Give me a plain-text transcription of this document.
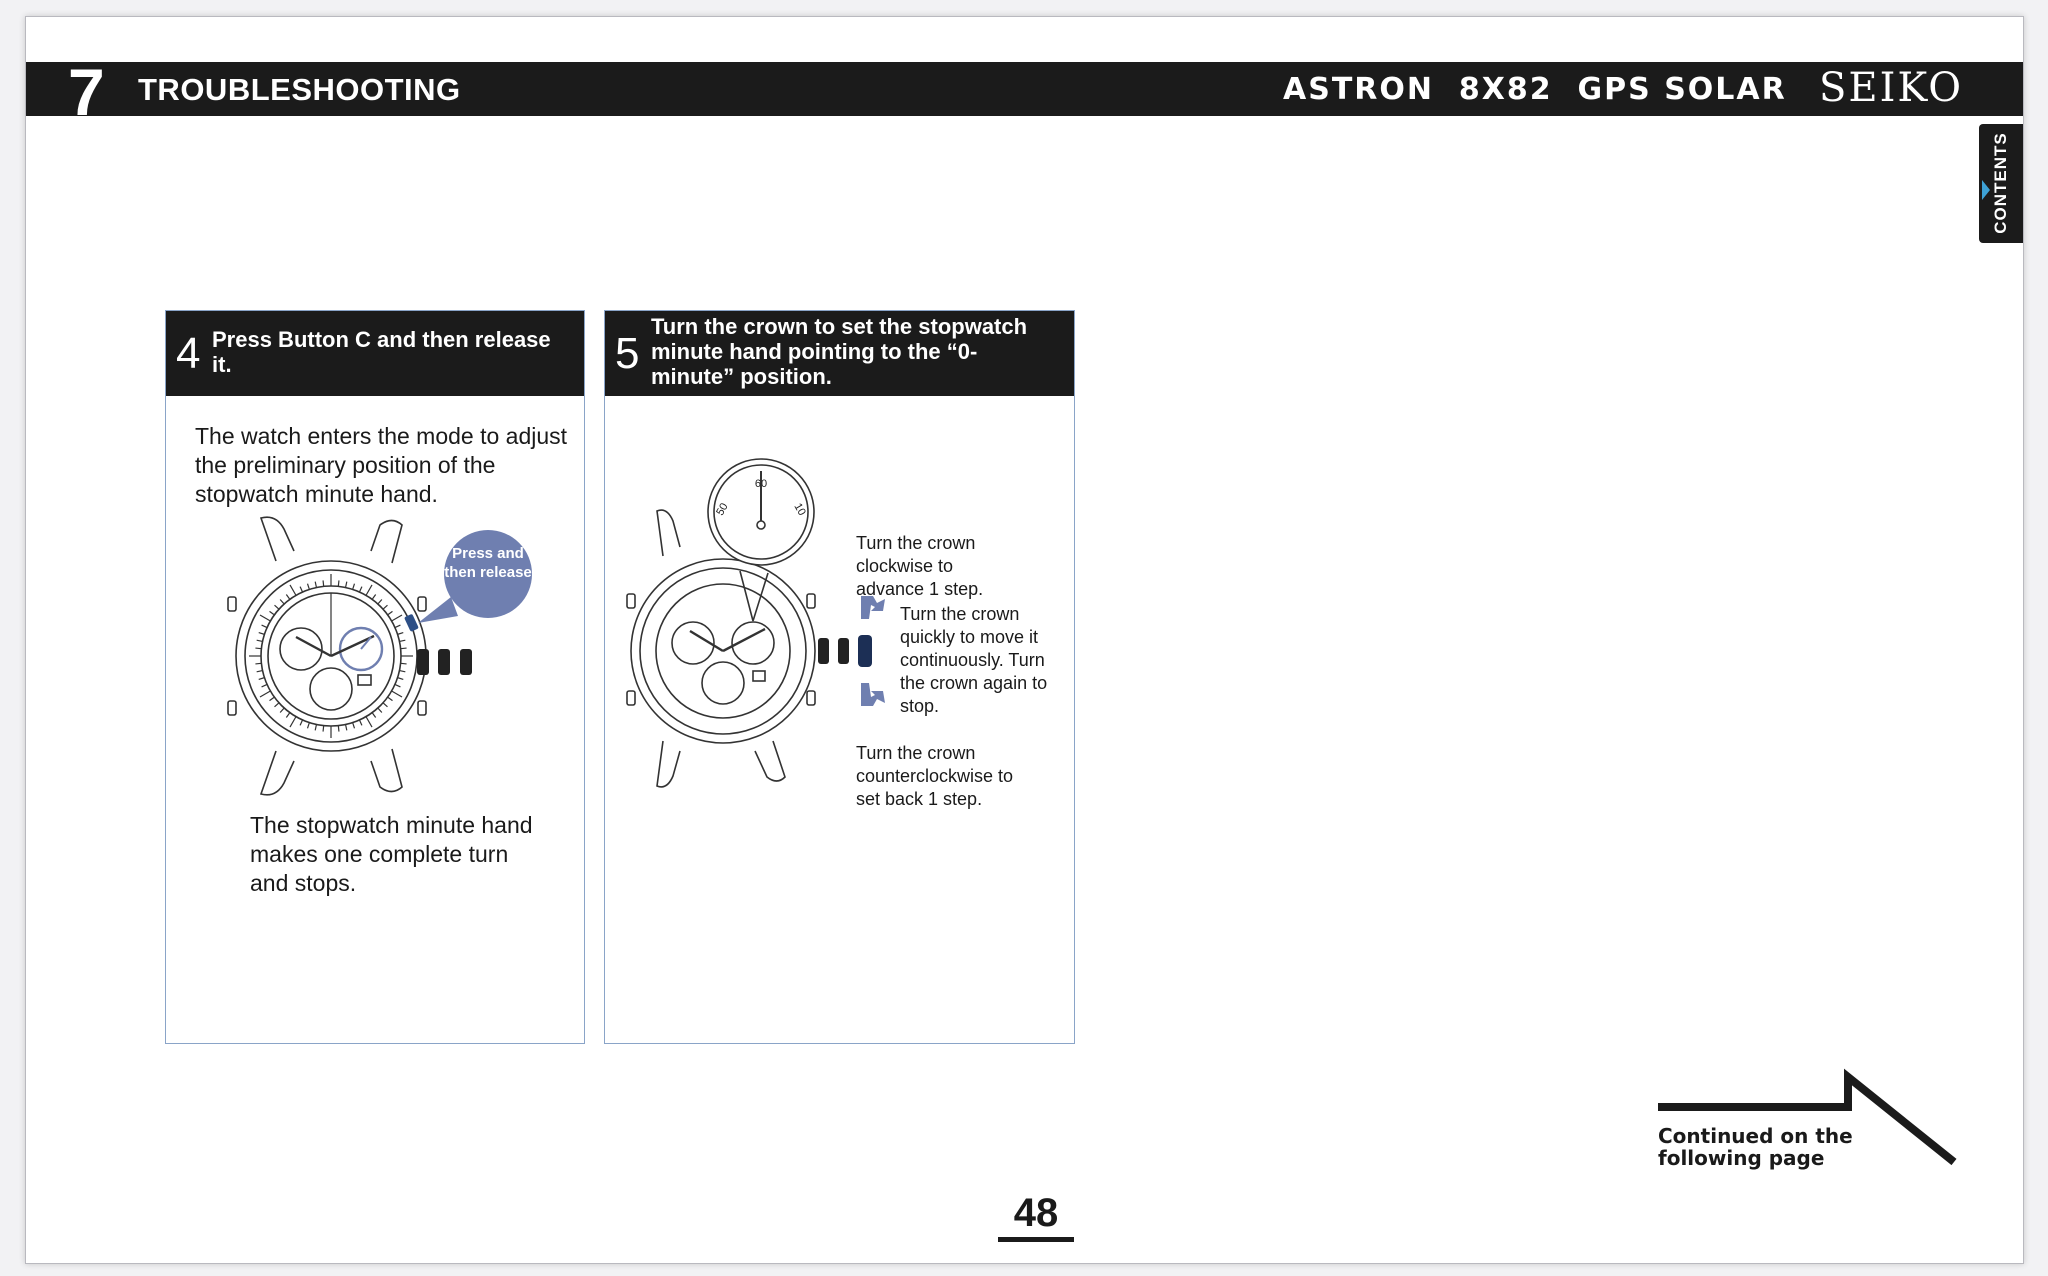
7 TROUBLESHOOTING	ASTRON  8X82  GPS SOLAR SEIKO
CONTENTS
4 Press Button C and then release it.
The watch enters the mode to adjust the preliminary position of the stopwatch minute hand.
Press and then release
The stopwatch minute hand makes one complete turn and stops.
5
Turn the crown to set the stopwatch minute hand pointing to the “0-minute” position.
60
50	10
Turn the crown clockwise to advance 1 step.
Turn the crown quickly to move it continuously. Turn the crown again to stop.
Turn the crown counterclockwise to set back 1 step.
48
Continued on the following page
